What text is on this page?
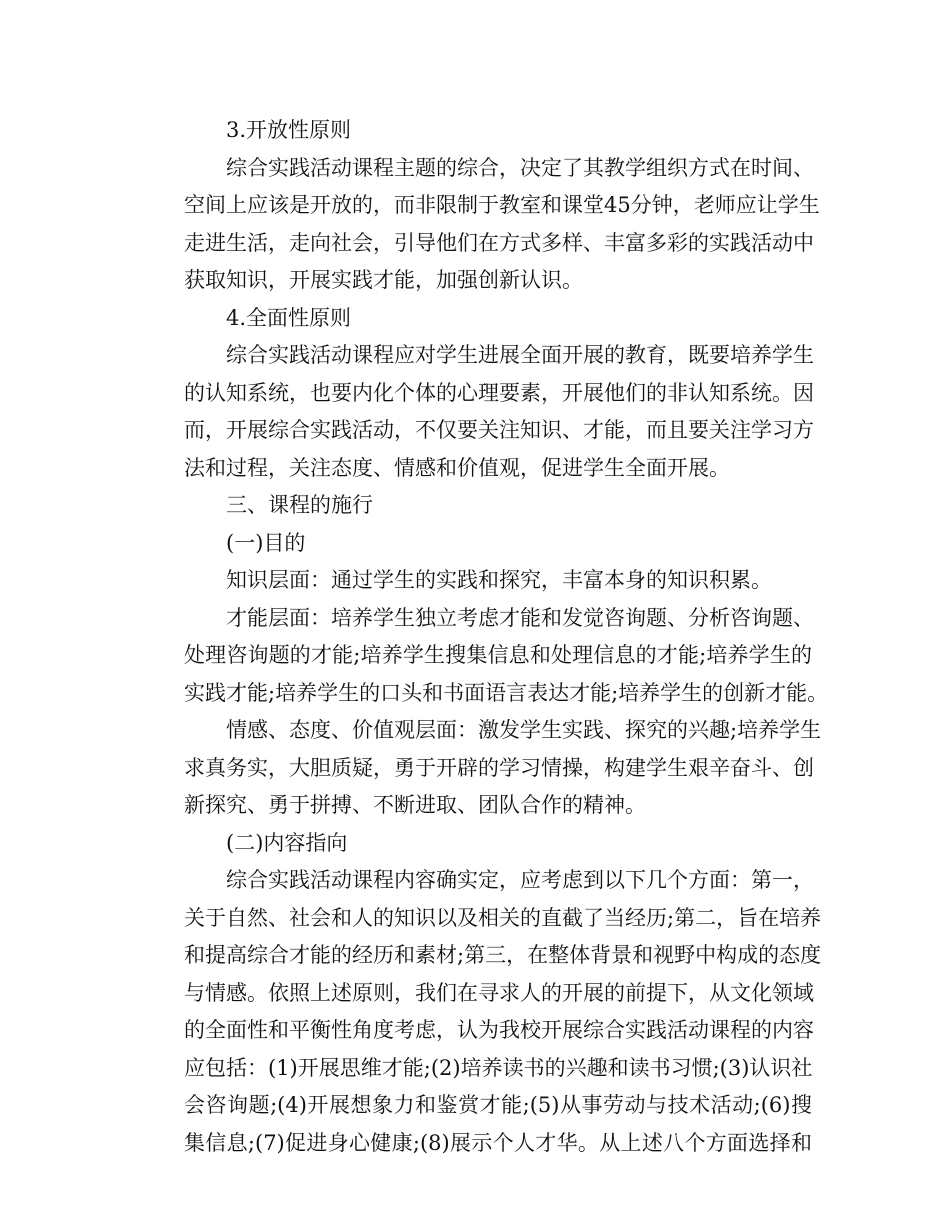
3.开放性原则
综合实践活动课程主题的综合，决定了其教学组织方式在时间、
空间上应该是开放的，而非限制于教室和课堂45分钟，老师应让学生
走进生活，走向社会，引导他们在方式多样、丰富多彩的实践活动中
获取知识，开展实践才能，加强创新认识。
4.全面性原则
综合实践活动课程应对学生进展全面开展的教育，既要培养学生
的认知系统，也要内化个体的心理要素，开展他们的非认知系统。因
而，开展综合实践活动，不仅要关注知识、才能，而且要关注学习方
法和过程，关注态度、情感和价值观，促进学生全面开展。
三、课程的施行
(一)目的
知识层面：通过学生的实践和探究，丰富本身的知识积累。
才能层面：培养学生独立考虑才能和发觉咨询题、分析咨询题、
处理咨询题的才能;培养学生搜集信息和处理信息的才能;培养学生的
实践才能;培养学生的口头和书面语言表达才能;培养学生的创新才能。
情感、态度、价值观层面：激发学生实践、探究的兴趣;培养学生
求真务实，大胆质疑，勇于开辟的学习情操，构建学生艰辛奋斗、创
新探究、勇于拼搏、不断进取、团队合作的精神。
(二)内容指向
综合实践活动课程内容确实定，应考虑到以下几个方面：第一，
关于自然、社会和人的知识以及相关的直截了当经历;第二，旨在培养
和提高综合才能的经历和素材;第三，在整体背景和视野中构成的态度
与情感。依照上述原则，我们在寻求人的开展的前提下，从文化领域
的全面性和平衡性角度考虑，认为我校开展综合实践活动课程的内容
应包括：(1)开展思维才能;(2)培养读书的兴趣和读书习惯;(3)认识社
会咨询题;(4)开展想象力和鉴赏才能;(5)从事劳动与技术活动;(6)搜
集信息;(7)促进身心健康;(8)展示个人才华。从上述八个方面选择和
